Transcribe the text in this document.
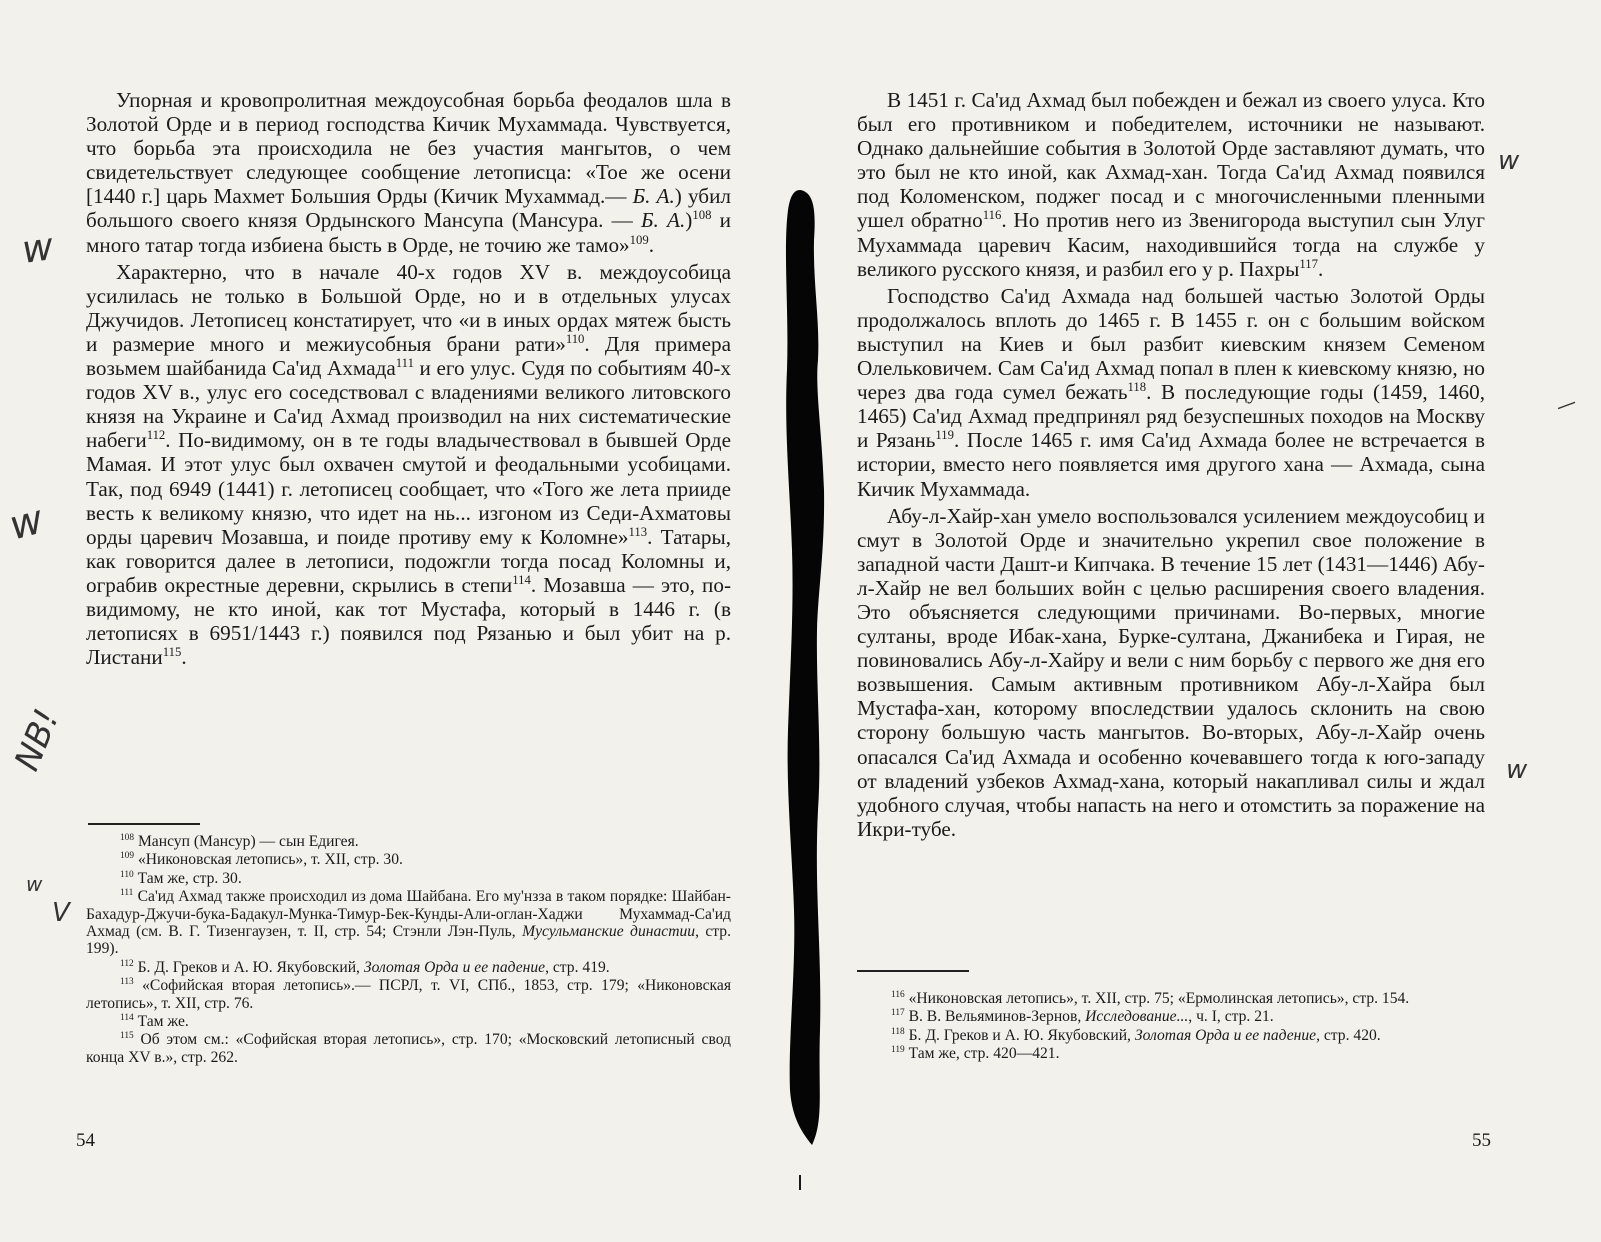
Упорная и кровопролитная междоусобная борьба феодалов шла в Золотой Орде и в период господства Кичик Мухаммада. Чувствуется, что борьба эта происходила не без участия мангытов, о чем свидетельствует следующее сообщение летописца: «Тое же осени [1440 г.] царь Махмет Большия Орды (Кичик Мухаммад.— Б. А.) убил большого своего князя Ордынского Мансупа (Мансура. — Б. А.)$^{108}$ и много татар тогда избиена бысть в Орде, не точию же тамо»$^{109}$.

Характерно, что в начале 40-х годов XV в. междоусобица усилилась не только в Большой Орде, но и в отдельных улусах Джучидов. Летописец констатирует, что «и в иных ордах мятеж бысть и размерие много и межиусобныя брани рати»$^{110}$. Для примера возьмем шайбанида Са'ид Ахмада$^{111}$ и его улус. Судя по событиям 40-х годов XV в., улус его соседствовал с владениями великого литовского князя на Украине и Са'ид Ахмад производил на них систематические набеги$^{112}$. По-видимому, он в те годы владычествовал в бывшей Орде Мамая. И этот улус был охвачен смутой и феодальными усобицами. Так, под 6949 (1441) г. летописец сообщает, что «Того же лета прииде весть к великому князю, что идет на нь... изгоном из Седи-Ахматовы орды царевич Мозавша, и поиде противу ему к Коломне»$^{113}$. Татары, как говорится далее в летописи, подожгли тогда посад Коломны и, ограбив окрестные деревни, скрылись в степи$^{114}$. Мозавша — это, по-видимому, не кто иной, как тот Мустафа, который в 1446 г. (в летописях в 6951/1443 г.) появился под Рязанью и был убит на р. Листани$^{115}$.

$^{108}$ Мансуп (Мансур) — сын Едигея.

$^{109}$ «Никоновская летопись», т. XII, стр. 30.

$^{110}$ Там же, стр. 30.

$^{111}$ Са'ид Ахмад также происходил из дома Шайбана. Его му'нзза в таком порядке: Шайбан-Бахадур-Джучи-бука-Бадакул-Мунка-Тимур-Бек-Кунды-Али-оглан-Хаджи Мухаммад-Са'ид Ахмад (см. В. Г. Тизенгаузен, т. II, стр. 54; Стэнли Лэн-Пуль, Мусульманские династии, стр. 199).

$^{112}$ Б. Д. Греков и А. Ю. Якубовский, Золотая Орда и ее падение, стр. 419.

$^{113}$ «Софийская вторая летопись».— ПСРЛ, т. VI, СПб., 1853, стр. 179; «Никоновская летопись», т. XII, стр. 76.

$^{114}$ Там же.

$^{115}$ Об этом см.: «Софийская вторая летопись», стр. 170; «Московский летописный свод конца XV в.», стр. 262.

54

В 1451 г. Са'ид Ахмад был побежден и бежал из своего улуса. Кто был его противником и победителем, источники не называют. Однако дальнейшие события в Золотой Орде заставляют думать, что это был не кто иной, как Ахмад-хан. Тогда Са'ид Ахмад появился под Коломенском, поджег посад и с многочисленными пленными ушел обратно$^{116}$. Но против него из Звенигорода выступил сын Улуг Мухаммада царевич Касим, находившийся тогда на службе у великого русского князя, и разбил его у р. Пахры$^{117}$.

Господство Са'ид Ахмада над большей частью Золотой Орды продолжалось вплоть до 1465 г. В 1455 г. он с большим войском выступил на Киев и был разбит киевским князем Семеном Олельковичем. Сам Са'ид Ахмад попал в плен к киевскому князю, но через два года сумел бежать$^{118}$. В последующие годы (1459, 1460, 1465) Са'ид Ахмад предпринял ряд безуспешных походов на Москву и Рязань$^{119}$. После 1465 г. имя Са'ид Ахмада более не встречается в истории, вместо него появляется имя другого хана — Ахмада, сына Кичик Мухаммада.

Абу-л-Хайр-хан умело воспользовался усилением междоусобиц и смут в Золотой Орде и значительно укрепил свое положение в западной части Дашт-и Кипчака. В течение 15 лет (1431—1446) Абу-л-Хайр не вел больших войн с целью расширения своего владения. Это объясняется следующими причинами. Во-первых, многие султаны, вроде Ибак-хана, Бурке-султана, Джанибека и Гирая, не повиновались Абу-л-Хайру и вели с ним борьбу с первого же дня его возвышения. Самым активным противником Абу-л-Хайра был Мустафа-хан, которому впоследствии удалось склонить на свою сторону большую часть мангытов. Во-вторых, Абу-л-Хайр очень опасался Са'ид Ахмада и особенно кочевавшего тогда к юго-западу от владений узбеков Ахмад-хана, который накапливал силы и ждал удобного случая, чтобы напасть на него и отомстить за поражение на Икри-тубе.

$^{116}$ «Никоновская летопись», т. XII, стр. 75; «Ермолинская летопись», стр. 154.

$^{117}$ В. В. Вельяминов-Зернов, Исследование..., ч. I, стр. 21.

$^{118}$ Б. Д. Греков и А. Ю. Якубовский, Золотая Орда и ее падение, стр. 420.

$^{119}$ Там же, стр. 420—421.

55
w
w
NB!
w
V
w
w
—
